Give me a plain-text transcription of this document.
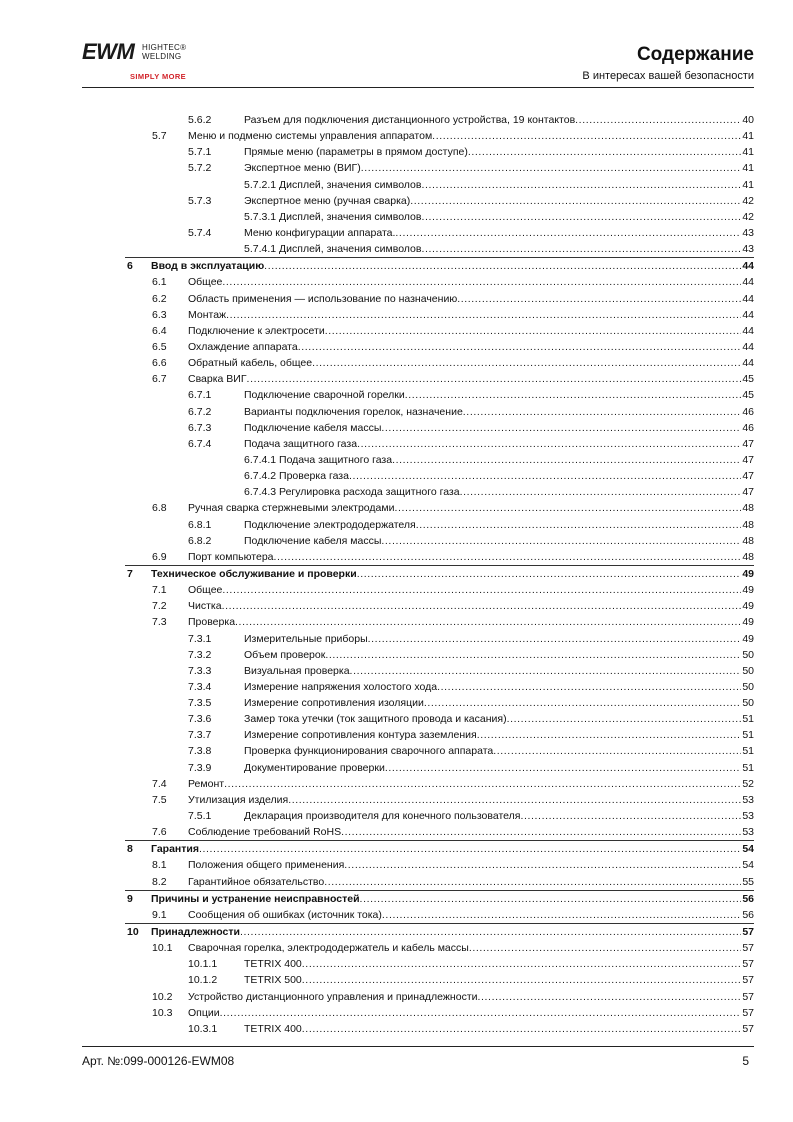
EWM HIGHTEC®
WELDING
SIMPLY MORE
Содержание
В интересах вашей безопасности
5.6.2	Разъем для подключения дистанционного устройства, 19 контактов .....	40
5.7 Меню и подменю системы управления аппаратом .....	41
5.7.1	Прямые меню (параметры в прямом доступе) .....	41
5.7.2	Экспертное меню (ВИГ) .....	41
5.7.2.1 Дисплей, значения символов .....	41
5.7.3	Экспертное меню (ручная сварка) .....	42
5.7.3.1 Дисплей, значения символов .....	42
5.7.4	Меню конфигурации аппарата. .....	43
5.7.4.1 Дисплей, значения символов .....	43
6 Ввод в эксплуатацию .....	44
6.1 Общее .....	44
6.2 Область применения — использование по назначению .....	44
6.3 Монтаж .....	44
6.4 Подключение к электросети .....	44
6.5 Охлаждение аппарата .....	44
6.6 Обратный кабель, общее .....	44
6.7 Сварка ВИГ .....	45
6.7.1	Подключение сварочной горелки .....	45
6.7.2	Варианты подключения горелок, назначение .....	46
6.7.3	Подключение кабеля массы .....	46
6.7.4	Подача защитного газа .....	47
6.7.4.1 Подача защитного газа .....	47
6.7.4.2 Проверка газа .....	47
6.7.4.3 Регулировка расхода защитного газа .....	47
6.8 Ручная сварка стержневыми электродами .....	48
6.8.1	Подключение электрододержателя .....	48
6.8.2	Подключение кабеля массы .....	48
6.9 Порт компьютера .....	48
7 Техническое обслуживание и проверки .....	49
7.1 Общее .....	49
7.2 Чистка .....	49
7.3 Проверка .....	49
7.3.1	Измерительные приборы .....	49
7.3.2	Объем проверок .....	50
7.3.3	Визуальная проверка .....	50
7.3.4	Измерение напряжения холостого хода .....	50
7.3.5	Измерение сопротивления изоляции .....	50
7.3.6	Замер тока утечки (ток защитного провода и касания) .....	51
7.3.7	Измерение сопротивления контура заземления .....	51
7.3.8	Проверка функционирования сварочного аппарата .....	51
7.3.9	Документирование проверки .....	51
7.4 Ремонт .....	52
7.5 Утилизация изделия .....	53
7.5.1	Декларация производителя для конечного пользователя .....	53
7.6 Соблюдение требований RoHS .....	53
8 Гарантия .....	54
8.1 Положения общего применения .....	54
8.2 Гарантийное обязательство .....	55
9 Причины и устранение неисправностей .....	56
9.1 Сообщения об ошибках (источник тока) .....	56
10 Принадлежности .....	57
10.1 Сварочная горелка, электрододержатель и кабель массы .....	57
10.1.1	TETRIX 400 .....	57
10.1.2	TETRIX 500 .....	57
10.2 Устройство дистанционного управления и принадлежности .....	57
10.3 Опции .....	57
10.3.1	TETRIX 400 .....	57
Арт. №:099-000126-EWM08	5
